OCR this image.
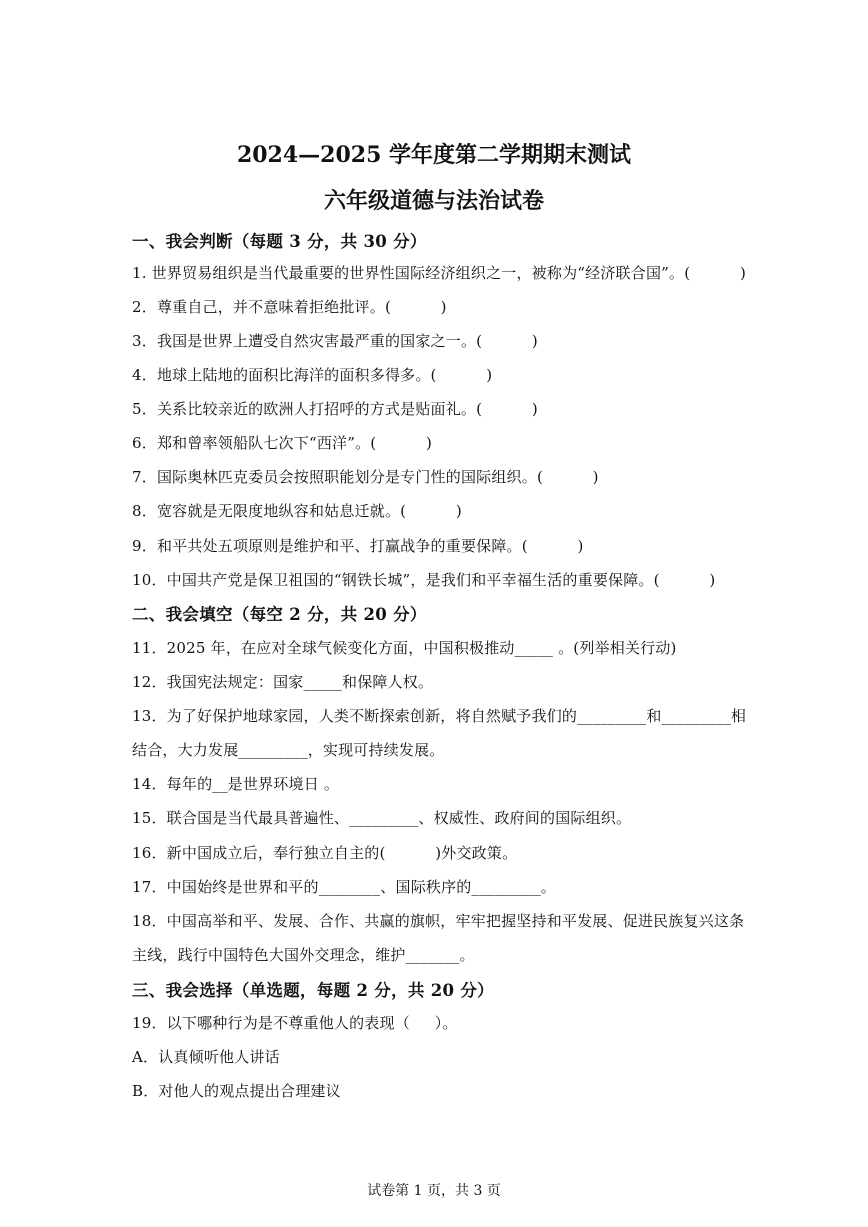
2024—2025 学年度第二学期期末测试
六年级道德与法治试卷
一、我会判断（每题 3 分，共 30 分）
1. 世界贸易组织是当代最重要的世界性国际经济组织之一，被称为“经济联合国”。(          )
2．尊重自己，并不意味着拒绝批评。(          )
3．我国是世界上遭受自然灾害最严重的国家之一。(          )
4．地球上陆地的面积比海洋的面积多得多。(          )
5．关系比较亲近的欧洲人打招呼的方式是贴面礼。(          )
6．郑和曾率领船队七次下“西洋”。(          )
7．国际奥林匹克委员会按照职能划分是专门性的国际组织。(          )
8．宽容就是无限度地纵容和姑息迁就。(          )
9．和平共处五项原则是维护和平、打赢战争的重要保障。(          )
10．中国共产党是保卫祖国的“钢铁长城”，是我们和平幸福生活的重要保障。(          )
二、我会填空（每空 2 分，共 20 分）
11．2025 年，在应对全球气候变化方面，中国积极推动_____ 。(列举相关行动)
12．我国宪法规定：国家_____和保障人权。
13．为了好保护地球家园，人类不断探索创新，将自然赋予我们的_________和_________相
结合，大力发展_________，实现可持续发展。
14．每年的__是世界环境日 。
15．联合国是当代最具普遍性、_________、权威性、政府间的国际组织。
16．新中国成立后，奉行独立自主的(          )外交政策。
17．中国始终是世界和平的________、国际秩序的_________。
18．中国高举和平、发展、合作、共赢的旗帜，牢牢把握坚持和平发展、促进民族复兴这条
主线，践行中国特色大国外交理念，维护_______。
三、我会选择（单选题，每题 2 分，共 20 分）
19．以下哪种行为是不尊重他人的表现（     ）。
A．认真倾听他人讲话
B．对他人的观点提出合理建议
试卷第 1 页，共 3 页
